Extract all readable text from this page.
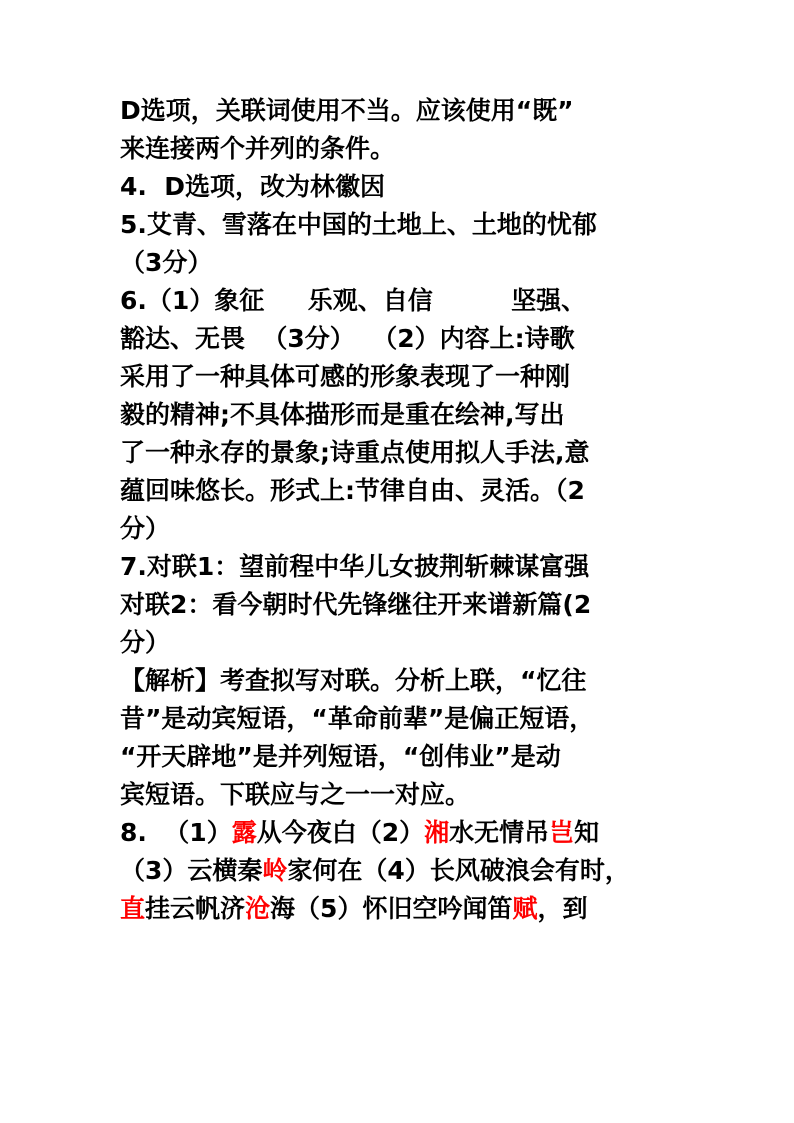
D选项，关联词使用不当。应该使用“既”
来连接两个并列的条件。
4.  D选项，改为林徽因
5.艾青、雪落在中国的土地上、土地的忧郁
（3分）
6.（1）象征     乐观、自信         坚强、
豁达、无畏  （3分）  （2）内容上:诗歌
采用了一种具体可感的形象表现了一种刚
毅的精神;不具体描形而是重在绘神,写出
了一种永存的景象;诗重点使用拟人手法,意
蕴回味悠长。形式上:节律自由、灵活。（2
分）
7.对联1：望前程中华儿女披荆斩棘谋富强
对联2：看今朝时代先锋继往开来谱新篇(2
分）
【解析】考查拟写对联。分析上联，“忆往
昔”是动宾短语，“革命前辈”是偏正短语，
“开天辟地”是并列短语，“创伟业”是动
宾短语。下联应与之一一对应。
8.  （1）露从今夜白（2）湘水无情吊岂知
（3）云横秦岭家何在（4）长风破浪会有时，
直挂云帆济沧海（5）怀旧空吟闻笛赋，到
